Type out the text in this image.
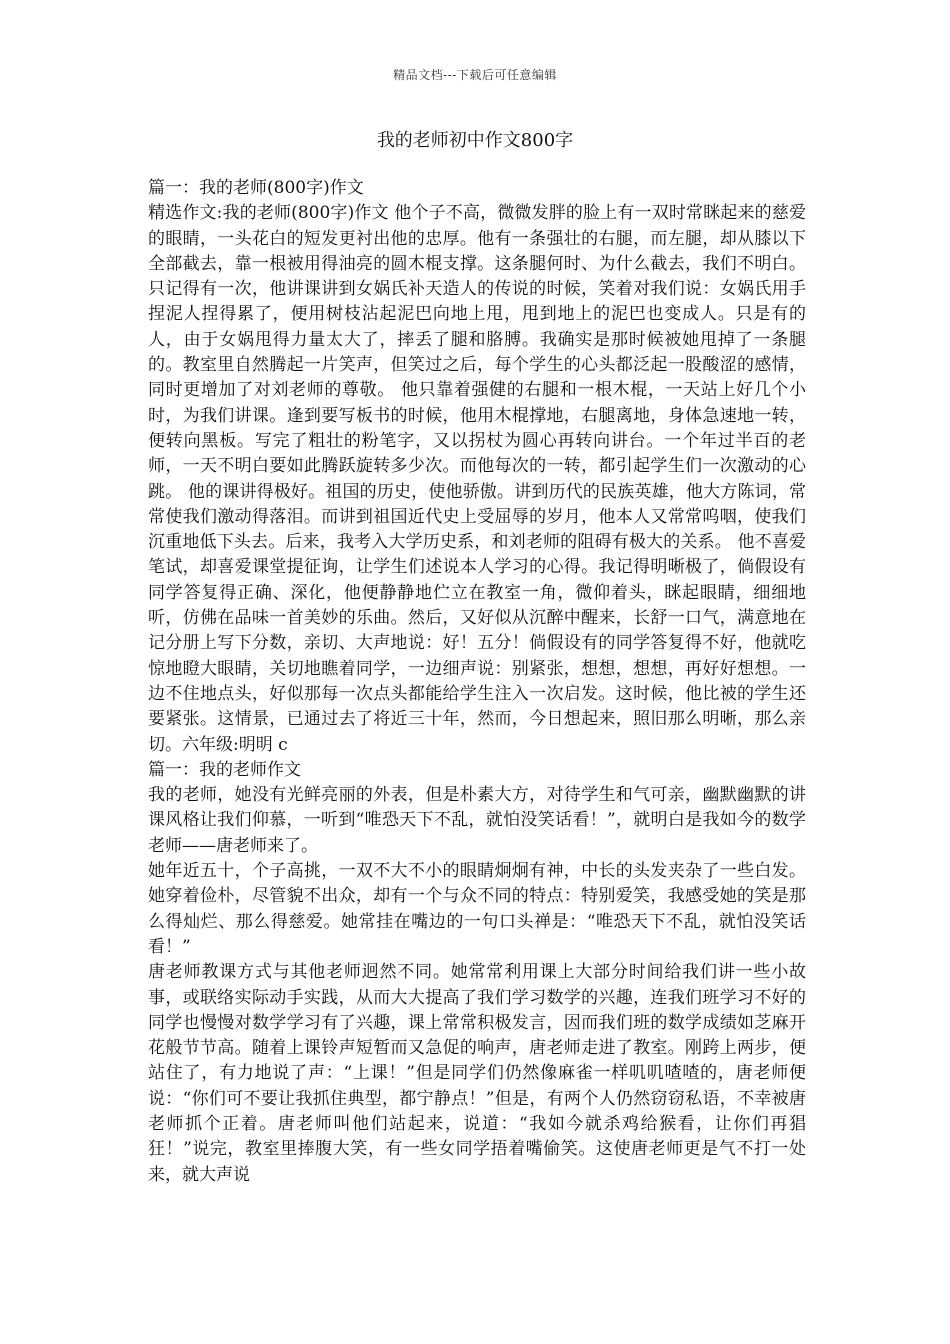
精品文档---下载后可任意编辑
我的老师初中作文800字

篇一：我的老师(800字)作文

精选作文:我的老师(800字)作文 他个子不高，微微发胖的脸上有一双时常眯起来的慈爱的眼睛，一头花白的短发更衬出他的忠厚。他有一条强壮的右腿，而左腿，却从膝以下全部截去，靠一根被用得油亮的圆木棍支撑。这条腿何时、为什么截去，我们不明白。只记得有一次，他讲课讲到女娲氏补天造人的传说的时候，笑着对我们说：女娲氏用手捏泥人捏得累了，便用树枝沾起泥巴向地上甩，甩到地上的泥巴也变成人。只是有的人，由于女娲甩得力量太大了，摔丢了腿和胳膊。我确实是那时候被她甩掉了一条腿的。教室里自然腾起一片笑声，但笑过之后，每个学生的心头都泛起一股酸涩的感情，同时更增加了对刘老师的尊敬。 他只靠着强健的右腿和一根木棍，一天站上好几个小时，为我们讲课。逢到要写板书的时候，他用木棍撑地，右腿离地，身体急速地一转，便转向黑板。写完了粗壮的粉笔字，又以拐杖为圆心再转向讲台。一个年过半百的老师，一天不明白要如此腾跃旋转多少次。而他每次的一转，都引起学生们一次激动的心跳。 他的课讲得极好。祖国的历史，使他骄傲。讲到历代的民族英雄，他大方陈词，常常使我们激动得落泪。而讲到祖国近代史上受屈辱的岁月，他本人又常常呜咽，使我们沉重地低下头去。后来，我考入大学历史系，和刘老师的阻碍有极大的关系。 他不喜爱笔试，却喜爱课堂提征询，让学生们述说本人学习的心得。我记得明晰极了，倘假设有同学答复得正确、深化，他便静静地伫立在教室一角，微仰着头，眯起眼睛，细细地听，仿佛在品味一首美妙的乐曲。然后，又好似从沉醉中醒来，长舒一口气，满意地在记分册上写下分数，亲切、大声地说：好！五分！倘假设有的同学答复得不好，他就吃惊地瞪大眼睛，关切地瞧着同学，一边细声说：别紧张，想想，想想，再好好想想。一边不住地点头，好似那每一次点头都能给学生注入一次启发。这时候，他比被的学生还要紧张。这情景，已通过去了将近三十年，然而，今日想起来，照旧那么明晰，那么亲切。六年级:明明 c

篇一：我的老师作文

我的老师，她没有光鲜亮丽的外表，但是朴素大方，对待学生和气可亲，幽默幽默的讲课风格让我们仰慕，一听到“唯恐天下不乱，就怕没笑话看！”，就明白是我如今的数学老师——唐老师来了。

她年近五十，个子高挑，一双不大不小的眼睛炯炯有神，中长的头发夹杂了一些白发。她穿着俭朴，尽管貌不出众，却有一个与众不同的特点：特别爱笑，我感受她的笑是那么得灿烂、那么得慈爱。她常挂在嘴边的一句口头禅是：“唯恐天下不乱，就怕没笑话看！”

唐老师教课方式与其他老师迥然不同。她常常利用课上大部分时间给我们讲一些小故事，或联络实际动手实践，从而大大提高了我们学习数学的兴趣，连我们班学习不好的同学也慢慢对数学学习有了兴趣，课上常常积极发言，因而我们班的数学成绩如芝麻开花般节节高。随着上课铃声短暂而又急促的响声，唐老师走进了教室。刚跨上两步，便站住了，有力地说了声：“上课！”但是同学们仍然像麻雀一样叽叽喳喳的，唐老师便说：“你们可不要让我抓住典型，都宁静点！”但是，有两个人仍然窃窃私语，不幸被唐老师抓个正着。唐老师叫他们站起来，说道：“我如今就杀鸡给猴看，让你们再猖狂！”说完，教室里捧腹大笑，有一些女同学捂着嘴偷笑。这使唐老师更是气不打一处来，就大声说
